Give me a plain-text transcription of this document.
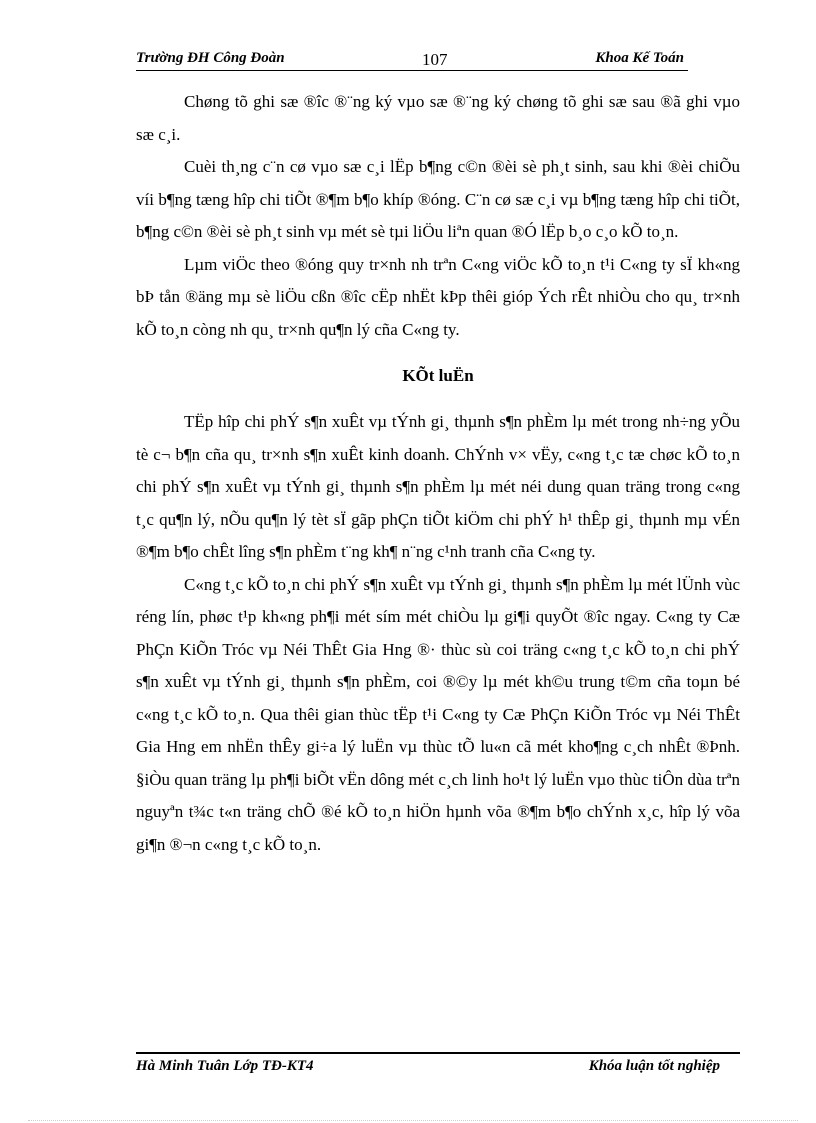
Trường ĐH Công Đoàn	107	Khoa Kế Toán

Chøng tõ ghi sæ ®îc ®¨ng ký vµo sæ ®¨ng ký chøng tõ ghi sæ sau ®ã ghi vµo sæ c¸i.

Cuèi th¸ng c¨n cø vµo sæ c¸i lËp b¶ng c©n ®èi sè ph¸t sinh, sau khi ®èi chiÕu víi b¶ng tæng hîp chi tiÕt ®¶m b¶o khíp ®óng. C¨n cø sæ c¸i vµ b¶ng tæng hîp chi tiÕt, b¶ng c©n ®èi sè ph¸t sinh vµ mét sè tµi liÖu liªn quan ®Ó lËp b¸o c¸o kÕ to¸n.

Lµm viÖc theo ®óng quy tr×nh nh trªn C«ng viÖc kÕ to¸n t¹i C«ng ty sÏ kh«ng bÞ tån ®äng mµ sè liÖu cßn ®îc cËp nhËt kÞp thêi gióp Ých rÊt nhiÒu cho qu¸ tr×nh kÕ to¸n còng nh qu¸ tr×nh qu¶n lý cña C«ng ty.

KÕt luËn

TËp hîp chi phÝ s¶n xuÊt vµ tÝnh gi¸ thµnh s¶n phÈm lµ mét trong nh÷ng yÕu tè c¬ b¶n cña qu¸ tr×nh s¶n xuÊt kinh doanh. ChÝnh v× vËy, c«ng t¸c tæ chøc kÕ to¸n chi phÝ s¶n xuÊt vµ tÝnh gi¸ thµnh s¶n phÈm lµ mét néi dung quan träng trong c«ng t¸c qu¶n lý, nÕu qu¶n lý tèt sÏ gãp phÇn tiÕt kiÖm chi phÝ h¹ thÊp gi¸ thµnh mµ vÉn ®¶m b¶o chÊt lîng s¶n phÈm t¨ng kh¶ n¨ng c¹nh tranh cña C«ng ty.

C«ng t¸c kÕ to¸n chi phÝ s¶n xuÊt vµ tÝnh gi¸ thµnh s¶n phÈm lµ mét lÜnh vùc réng lín, phøc t¹p kh«ng ph¶i mét sím mét chiÒu lµ gi¶i quyÕt ®îc ngay. C«ng ty Cæ PhÇn KiÕn Tróc vµ Néi ThÊt Gia Hng ®· thùc sù coi träng c«ng t¸c kÕ to¸n chi phÝ s¶n xuÊt vµ tÝnh gi¸ thµnh s¶n phÈm, coi ®©y lµ mét kh©u trung t©m cña toµn bé c«ng t¸c kÕ to¸n. Qua thêi gian thùc tËp t¹i C«ng ty Cæ PhÇn KiÕn Tróc vµ Néi ThÊt Gia Hng em nhËn thÊy gi÷a lý luËn vµ thùc tÕ lu«n cã mét kho¶ng c¸ch nhÊt ®Þnh. §iÒu quan träng lµ ph¶i biÕt vËn dông mét c¸ch linh ho¹t lý luËn vµo thùc tiÔn dùa trªn nguyªn t¾c t«n träng chÕ ®é kÕ to¸n hiÖn hµnh võa ®¶m b¶o chÝnh x¸c, hîp lý võa gi¶n ®¬n c«ng t¸c kÕ to¸n.

Hà Minh Tuân Lớp TĐ-KT4	Khóa luận tốt nghiệp
